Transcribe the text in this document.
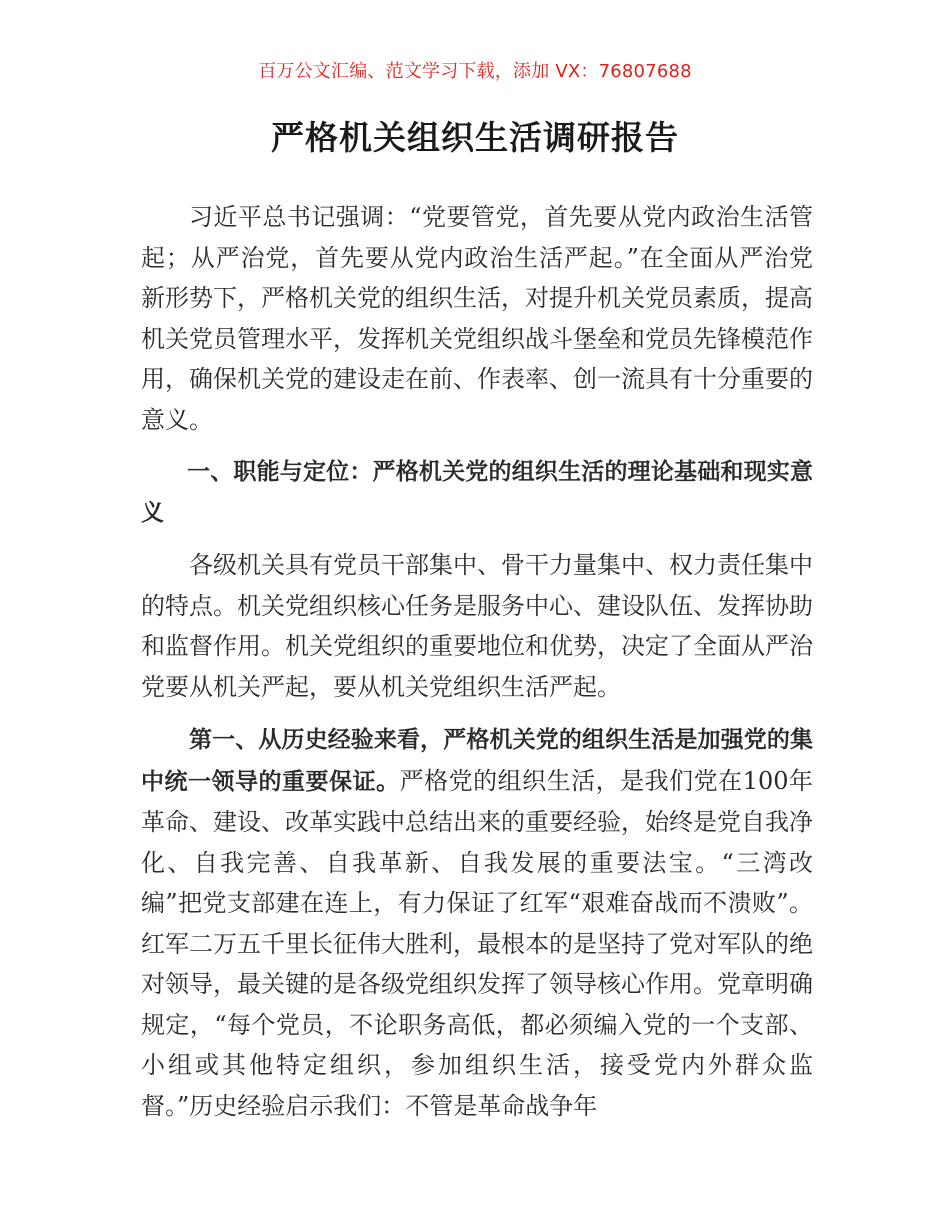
百万公文汇编、范文学习下载，添加 VX：76807688
严格机关组织生活调研报告

习近平总书记强调：“党要管党，首先要从党内政治生活管起；从严治党，首先要从党内政治生活严起。”在全面从严治党新形势下，严格机关党的组织生活，对提升机关党员素质，提高机关党员管理水平，发挥机关党组织战斗堡垒和党员先锋模范作用，确保机关党的建设走在前、作表率、创一流具有十分重要的意义。

一、职能与定位：严格机关党的组织生活的理论基础和现实意义

各级机关具有党员干部集中、骨干力量集中、权力责任集中的特点。机关党组织核心任务是服务中心、建设队伍、发挥协助和监督作用。机关党组织的重要地位和优势，决定了全面从严治党要从机关严起，要从机关党组织生活严起。

第一、从历史经验来看，严格机关党的组织生活是加强党的集中统一领导的重要保证。严格党的组织生活，是我们党在100年革命、建设、改革实践中总结出来的重要经验，始终是党自我净化、自我完善、自我革新、自我发展的重要法宝。“三湾改编”把党支部建在连上，有力保证了红军“艰难奋战而不溃败”。红军二万五千里长征伟大胜利，最根本的是坚持了党对军队的绝对领导，最关键的是各级党组织发挥了领导核心作用。党章明确规定，“每个党员，不论职务高低，都必须编入党的一个支部、小组或其他特定组织，参加组织生活，接受党内外群众监督。”历史经验启示我们：不管是革命战争年
